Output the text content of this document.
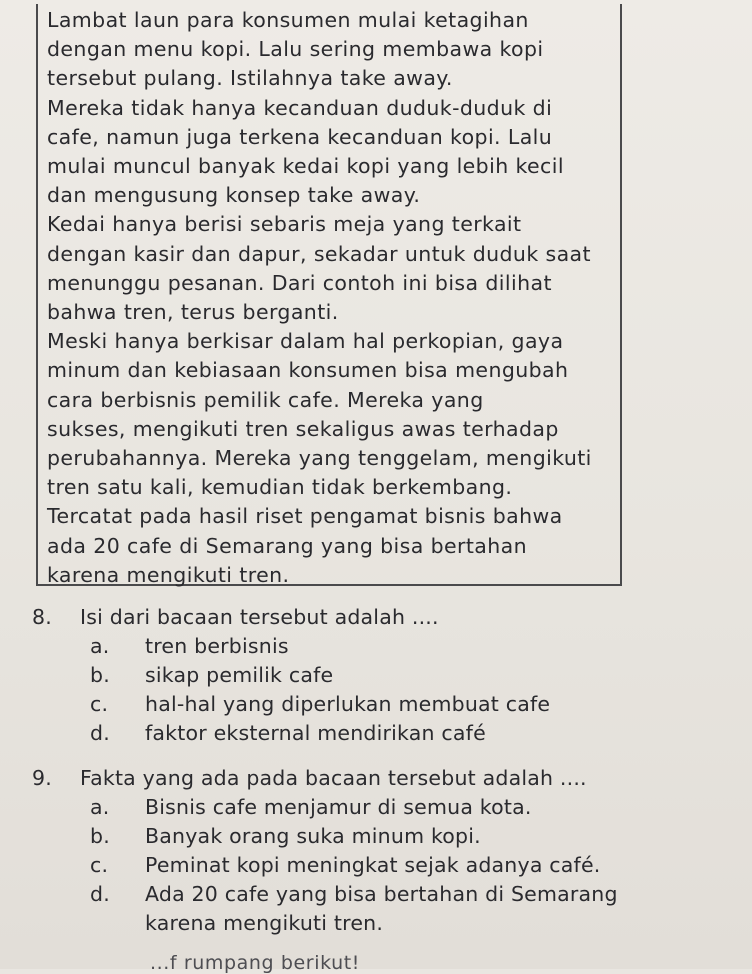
Lambat laun para konsumen mulai ketagihan
dengan menu kopi. Lalu sering membawa kopi
tersebut pulang. Istilahnya take away.
Mereka tidak hanya kecanduan duduk-duduk di
cafe, namun juga terkena kecanduan kopi. Lalu
mulai muncul banyak kedai kopi yang lebih kecil
dan mengusung konsep take away.
Kedai hanya berisi sebaris meja yang terkait
dengan kasir dan dapur, sekadar untuk duduk saat
menunggu pesanan. Dari contoh ini bisa dilihat
bahwa tren, terus berganti.
Meski hanya berkisar dalam hal perkopian, gaya
minum dan kebiasaan konsumen bisa mengubah
cara berbisnis pemilik cafe. Mereka yang
sukses, mengikuti tren sekaligus awas terhadap
perubahannya. Mereka yang tenggelam, mengikuti
tren satu kali, kemudian tidak berkembang.
Tercatat pada hasil riset pengamat bisnis bahwa
ada 20 cafe di Semarang yang bisa bertahan
karena mengikuti tren.
8.	Isi dari bacaan tersebut adalah ....
a.	tren berbisnis
b.	sikap pemilik cafe
c.	hal-hal yang diperlukan membuat cafe
d.	faktor eksternal mendirikan café
9.	Fakta yang ada pada bacaan tersebut adalah ....
a.	Bisnis cafe menjamur di semua kota.
b.	Banyak orang suka minum kopi.
c.	Peminat kopi meningkat sejak adanya café.
d.	Ada 20 cafe yang bisa bertahan di Semarang
karena mengikuti tren.
...f rumpang berikut!
